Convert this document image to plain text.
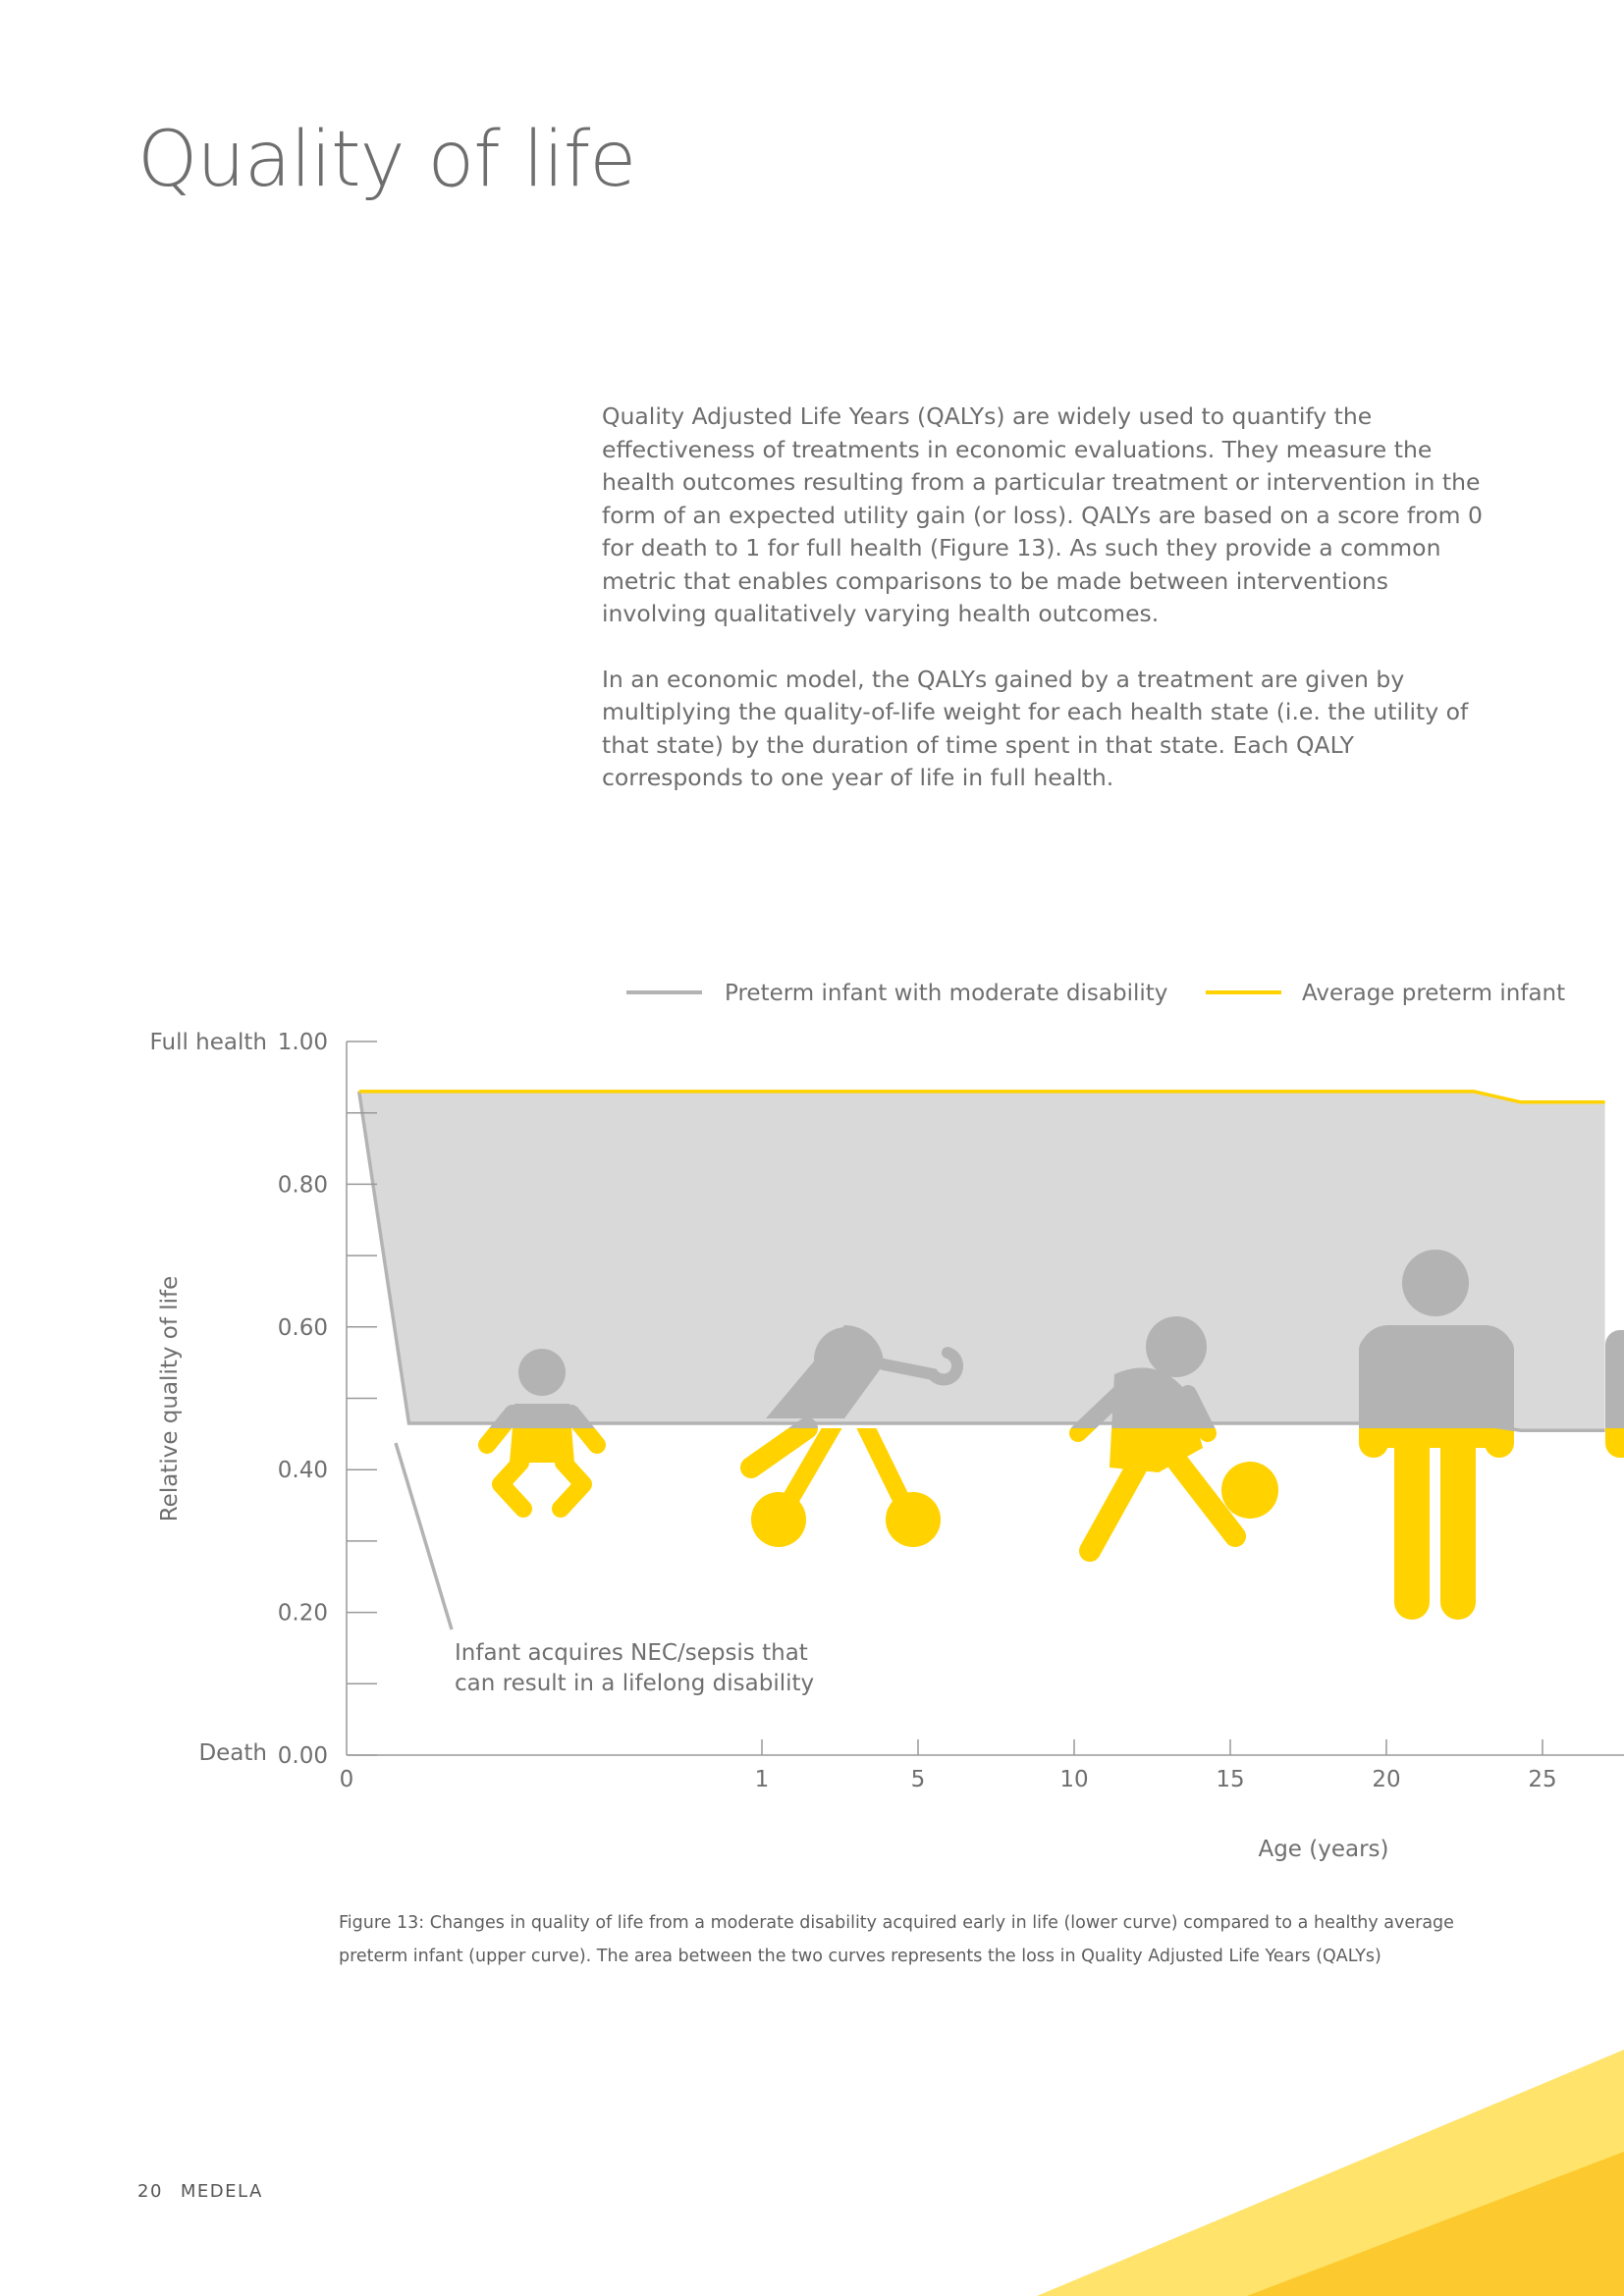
Quality of life

Quality Adjusted Life Years (QALYs) are widely used to quantify the effectiveness of treatments in economic evaluations. They measure the health outcomes resulting from a particular treatment or intervention in the form of an expected utility gain (or loss). QALYs are based on a score from 0 for death to 1 for full health (Figure 13). As such they provide a common metric that enables comparisons to be made between interventions involving qualitatively varying health outcomes.

In an economic model, the QALYs gained by a treatment are given by multiplying the quality-of-life weight for each health state (i.e. the utility of that state) by the duration of time spent in that state. Each QALY corresponds to one year of life in full health.

0.00
0.20
0.40
0.60
0.80
1.00
0	1	5	10	15	20	25
Full health
Death
Relative quality of life
Age (years)
Preterm infant with moderate disability	Average preterm infant
Infant acquires NEC/sepsis that can result in a lifelong disability
Figure 13: Changes in quality of life from a moderate disability acquired early in life (lower curve) compared to a healthy average preterm infant (upper curve). The area between the two curves represents the loss in Quality Adjusted Life Years (QALYs)
20 MEDELA
